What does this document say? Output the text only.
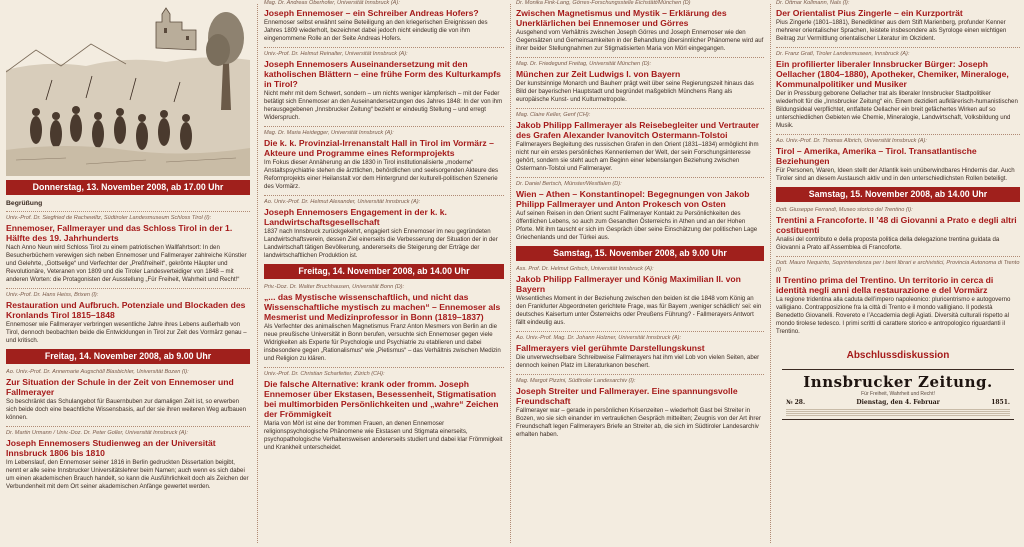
Donnerstag, 13. November 2008, ab 17.00 Uhr
Begrüßung
Univ.-Prof. Dr. Siegfried de Rachewiltz, Südtiroler Landesmuseum Schloss Tirol (I):
Ennemoser, Fallmerayer und das Schloss Tirol in der 1. Hälfte des 19. Jahrhunderts
Nach Anno Neun wird Schloss Tirol zu einem patriotischen Wallfahrtsort: In den Besucherbüchern verewigen sich neben Ennemoser und Fallmerayer zahlreiche Künstler und Gelehrte, „Gottselige“ und Verfechter der „Preßfreiheit“, gekrönte Häupter und Revolutionäre, Veteranen von 1809 und die Tiroler Landesverteidiger von 1848 – mit anderen Worten: die Protagonisten der Ausstellung „Für Freiheit, Wahrheit und Recht!“
Univ.-Prof. Dr. Hans Heiss, Brixen (I):
Restauration und Aufbruch. Potenziale und Blockaden des Kronlands Tirol 1815–1848
Ennemoser wie Fallmerayer verbringen wesentliche Jahre ihres Lebens außerhalb von Tirol, dennoch beobachten beide die Entwicklungen in Tirol zur Zeit des Vormärz genau – und kritisch.
Freitag, 14. November 2008, ab 9.00 Uhr
Ao. Univ.-Prof. Dr. Annemarie Augschöll Blasbichler, Universität Bozen (I):
Zur Situation der Schule in der Zeit von Ennemoser und Fallmerayer
So beschränkt das Schulangebot für Bauernbuben zur damaligen Zeit ist, so erwerben sich beide doch eine beachtliche Wissensbasis, auf der sie ihren weiteren Weg aufbauen können.
Dr. Martin Urmann / Univ.-Doz. Dr. Peter Goller, Universität Innsbruck (A):
Joseph Ennemosers Studienweg an der Universität Innsbruck 1806 bis 1810
Im Lebenslauf, den Ennemoser seiner 1816 in Berlin gedruckten Dissertation beigibt, nennt er alle seine Innsbrucker Universitätslehrer beim Namen; auch wenn es sich dabei um einen akademischen Brauch handelt, so kann die Ausführlichkeit doch als Zeichen der Verbundenheit mit dem Ort seiner akademischen Anfänge gewertet werden.
Mag. Dr. Andreas Oberhofer, Universität Innsbruck (A):
Joseph Ennemoser – ein Schreiber Andreas Hofers?
Ennemoser selbst erwähnt seine Beteiligung an den kriegerischen Ereignissen des Jahres 1809 wiederholt, bezeichnet dabei jedoch nicht eindeutig die von ihm eingenommene Rolle an der Seite Andreas Hofers.
Univ.-Prof. Dr. Helmut Reinalter, Universität Innsbruck (A):
Joseph Ennemosers Auseinandersetzung mit den katholischen Blättern – eine frühe Form des Kulturkampfs in Tirol?
Nicht mehr mit dem Schwert, sondern – um nichts weniger kämpferisch – mit der Feder betätigt sich Ennemoser an den Auseinandersetzungen des Jahres 1848: In der von ihm herausgegebenen „Innsbrucker Zeitung“ bezieht er eindeutig Stellung – und erregt Widerspruch.
Mag. Dr. Maria Heidegger, Universität Innsbruck (A):
Die k. k. Provinzial-Irrenanstalt Hall in Tirol im Vormärz – Akteure und Programme eines Reformprojekts
Im Fokus dieser Annäherung an die 1830 in Tirol institutionalisierte „moderne“ Anstaltspsychiatrie stehen die ärztlichen, behördlichen und seelsorgenden Akteure des Reformprojekts einer Heilanstalt vor dem Hintergrund der kulturell-politischen Szenerie des Vormärz.
Ao. Univ.-Prof. Dr. Helmut Alexander, Universität Innsbruck (A):
Joseph Ennemosers Engagement in der k. k. Landwirtschaftsgesellschaft
1837 nach Innsbruck zurückgekehrt, engagiert sich Ennemoser im neu gegründeten Landwirtschaftsverein, dessen Ziel einerseits die Verbesserung der Situation der in der Landwirtschaft tätigen Bevölkerung, andererseits die Steigerung der Erträge der landwirtschaftlichen Produktion ist.
Freitag, 14. November 2008, ab 14.00 Uhr
Priv.-Doz. Dr. Walter Bruchhausen, Universität Bonn (D):
„... das Mystische wissenschaftlich, und nicht das Wissenschaftliche mystisch zu machen“ – Ennemoser als Mesmerist und Medizinprofessor in Bonn (1819–1837)
Als Verfechter des animalischen Magnetismus Franz Anton Mesmers von Berlin an die neue preußische Universität in Bonn berufen, versuchte sich Ennemoser gegen viele Widrigkeiten als Experte für Psychologie und Psychiatrie zu etablieren und dabei insbesondere gegen „Rationalismus“ wie „Pietismus“ – das Verhältnis zwischen Medizin und Religion zu klären.
Univ.-Prof. Dr. Christian Scharfetter, Zürich (CH):
Die falsche Alternative: krank oder fromm. Joseph Ennemoser über Ekstasen, Besessenheit, Stigmatisation bei multimorbiden Persönlichkeiten und „wahre“ Zeichen der Frömmigkeit
Maria von Mörl ist eine der frommen Frauen, an denen Ennemoser religionspsychologische Phänomene wie Ekstasen und Stigmata einerseits, psychopathologische Verhaltensweisen andererseits studiert und dabei klar Frömmigkeit und Krankheit unterscheidet.
Dr. Monika Fink-Lang, Görres-Forschungsstelle Eichstätt/München (D)
Zwischen Magnetismus und Mystik – Erklärung des Unerklärlichen bei Ennemoser und Görres
Ausgehend vom Verhältnis zwischen Joseph Görres und Joseph Ennemoser wie den Gegensätzen und Gemeinsamkeiten in der Behandlung übersinnlicher Phänomene wird auf ihrer beider Stellungnahmen zur Stigmatisierten Maria von Mörl eingegangen.
Mag. Dr. Friedegund Freitag, Universität München (D):
München zur Zeit Ludwigs I. von Bayern
Der kunstsinnige Monarch und Bauherr prägt weit über seine Regierungszeit hinaus das Bild der bayerischen Hauptstadt und begründet maßgeblich Münchens Rang als europäische Kunst- und Kulturmetropole.
Mag. Claire Keller, Genf (CH):
Jakob Philipp Fallmerayer als Reisebegleiter und Vertrauter des Grafen Alexander Ivanovitch Ostermann-Tolstoi
Fallmerayers Begleitung des russischen Grafen in den Orient (1831–1834) ermöglicht ihm nicht nur ein erstes persönliches Kennenlernen der Welt, der sein Forschungsinteresse gehört, sondern sie steht auch am Beginn einer lebenslangen Beziehung zwischen Ostermann-Tolstoi und Fallmerayer.
Dr. Daniel Bertsch, Münster/Westfalen (D):
Wien – Athen – Konstantinopel: Begegnungen von Jakob Philipp Fallmerayer und Anton Prokesch von Osten
Auf seinen Reisen in den Orient sucht Fallmerayer Kontakt zu Persönlichkeiten des öffentlichen Lebens, so auch zum Gesandten Österreichs in Athen und an der Hohen Pforte. Mit ihm tauscht er sich im Gespräch über seine Einschätzung der politischen Lage Griechenlands und der Türkei aus.
Samstag, 15. November 2008, ab 9.00 Uhr
Ass. Prof. Dr. Helmut Gritsch, Universität Innsbruck (A):
Jakob Philipp Fallmerayer und König Maximilian II. von Bayern
Wesentliches Moment in der Beziehung zwischen den beiden ist die 1848 vom König an den Frankfurter Abgeordneten gerichtete Frage, was für Bayern ‚weniger schädlich‘ sei: ein deutsches Kaisertum unter Österreichs oder Preußens Führung? - Fallmerayers Antwort fällt eindeutig aus.
Ao. Univ.-Prof. Mag. Dr. Johann Holzner, Universität Innsbruck (A):
Fallmerayers viel gerühmte Darstellungskunst
Die unverwechselbare Schreibweise Fallmerayers hat ihm viel Lob von vielen Seiten, aber dennoch keinen Platz im Literaturkanon beschert.
Mag. Margot Pizzini, Südtiroler Landesarchiv (I):
Joseph Streiter und Fallmerayer. Eine spannungsvolle Freundschaft
Fallmerayer war – gerade in persönlichen Krisenzeiten – wiederholt Gast bei Streiter in Bozen, wo sie sich einander im vertraulichen Gespräch mitteilten; Zeugnis von der Art ihrer Freundschaft legen Fallmerayers Briefe an Streiter ab, die sich im Südtiroler Landesarchiv erhalten haben.
Dr. Ottmar Kollmann, Nals (I):
Der Orientalist Pius Zingerle – ein Kurzporträt
Pius Zingerle (1801–1881), Benediktiner aus dem Stift Marienberg, profunder Kenner mehrerer orientalischer Sprachen, leistete insbesondere als Syrologe einen wichtigen Beitrag zur Vermittlung orientalischer Literatur im Okzident.
Dr. Franz Gratl, Tiroler Landesmuseen, Innsbruck (A):
Ein profilierter liberaler Innsbrucker Bürger: Joseph Oellacher (1804–1880), Apotheker, Chemiker, Mineraloge, Kommunalpolitiker und Musiker
Der in Pressburg geborene Oellacher trat als liberaler Innsbrucker Stadtpolitiker wiederholt für die „Innsbrucker Zeitung“ ein. Einem dezidiert aufklärerisch-humanistischen Bildungsideal verpflichtet, entfaltete Oellacher ein breit gefächertes Wirken auf so unterschiedlichen Gebieten wie Chemie, Mineralogie, Landwirtschaft, Volksbildung und Musik.
Ao. Univ.-Prof. Dr. Thomas Albrich, Universität Innsbruck (A):
Tirol – Amerika, Amerika – Tirol. Transatlantische Beziehungen
Für Personen, Waren, Ideen stellt der Atlantik kein unüberwindbares Hindernis dar. Auch Tiroler sind an diesem Austausch aktiv und in den unterschiedlichsten Rollen beteiligt.
Samstag, 15. November 2008, ab 14.00 Uhr
Dott. Giuseppe Ferrandi, Museo storico del Trentino (I):
Trentini a Francoforte. Il ’48 di Giovanni a Prato e degli altri costituenti
Analisi del contributo e della proposta politica della delegazione trentina guidata da Giovanni a Prato all’Assemblea di Francoforte.
Dott. Mauro Nequirito, Soprintendenza per i beni librari e archivistici, Provincia Autonoma di Trento (I)
Il Trentino prima del Trentino. Un territorio in cerca di identità negli anni della restaurazione e del Vormärz
La regione tridentina alla caduta dell’impero napoleonico: pluricentrismo e autogoverno valligiano. Contrapposizione fra la città di Trento e il mondo valligiano. Il podestà Benedetto Giovanelli. Rovereto e l’Accademia degli Agiati. Diversità culturali rispetto al mondo tirolese tedesco. I primi scritti di carattere storico e antropologico riguardanti il Trentino.
Abschlussdiskussion
Innsbrucker Zeitung.
Für Freiheit, Wahrheit und Recht!
№ 28.	Dienstag, den 4. Februar	1851.
